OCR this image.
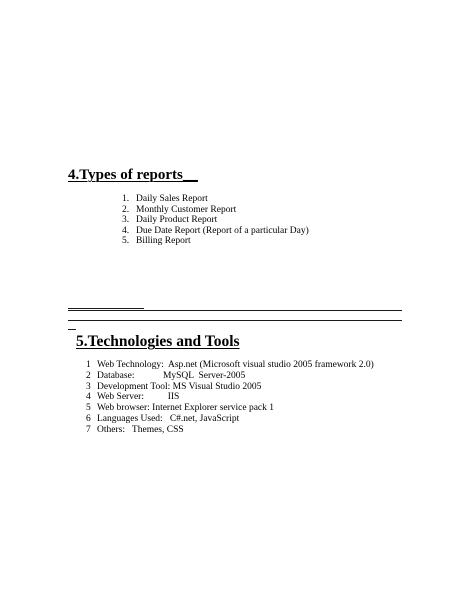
4.Types of reports__
1. Daily Sales Report
2. Monthly Customer Report
3. Daily Product Report
4. Due Date Report (Report of a particular Day)
5. Billing Report
5.Technologies and Tools
1 Web Technology:  Asp.net (Microsoft visual studio 2005 framework 2.0)
2 Database:            MySQL  Server-2005
3 Development Tool: MS Visual Studio 2005
4 Web Server:          IIS
5 Web browser: Internet Explorer service pack 1
6 Languages Used:   C#.net, JavaScript
7 Others:   Themes, CSS
